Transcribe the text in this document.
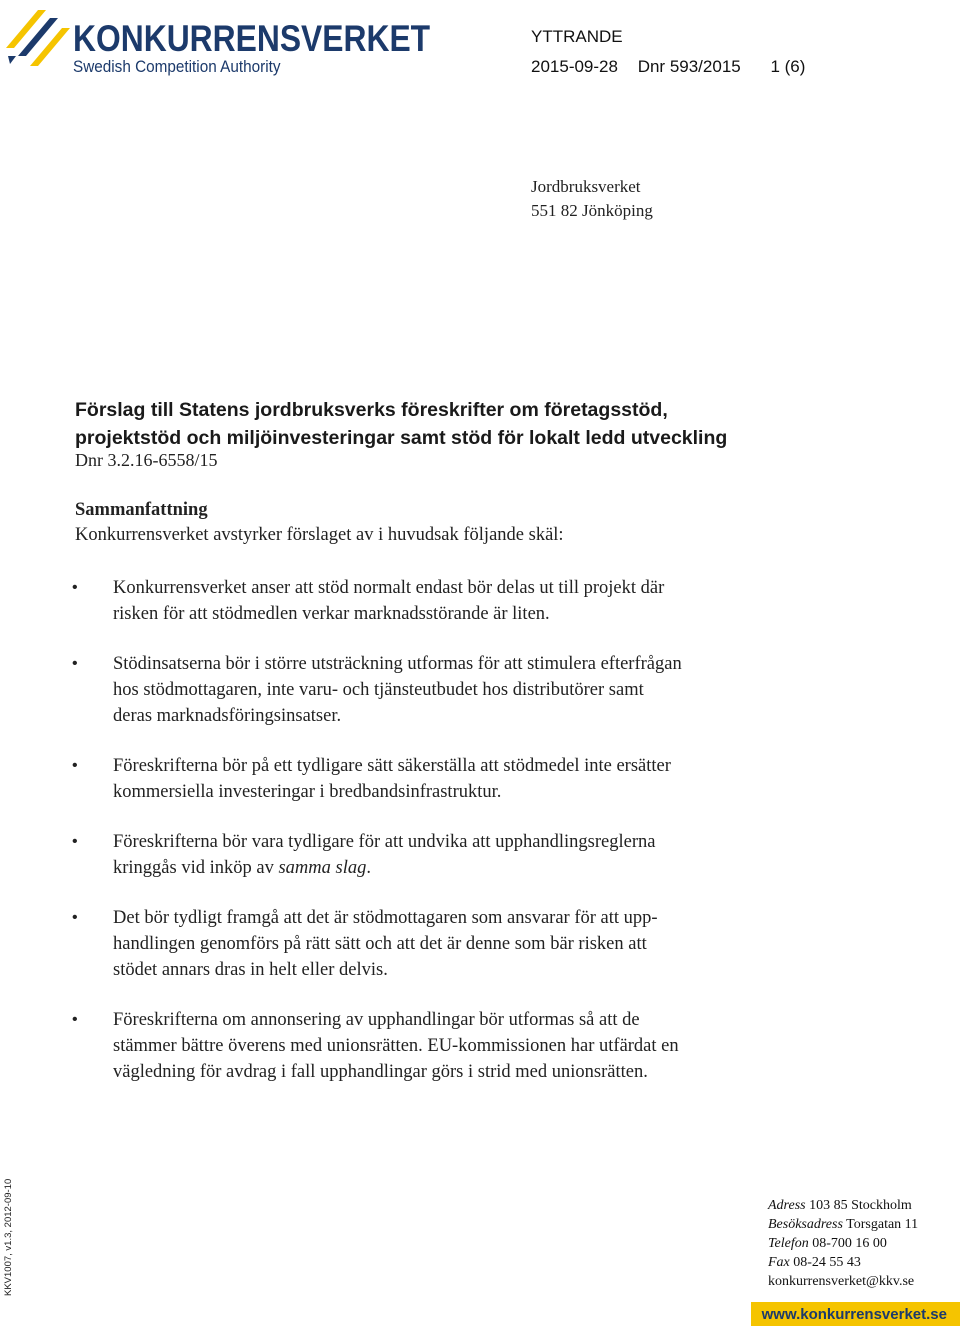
KONKURRENSVERKET
Swedish Competition Authority
YTTRANDE
2015-09-28 Dnr 593/2015 1 (6)
Jordbruksverket
551 82 Jönköping
Förslag till Statens jordbruksverks föreskrifter om företagsstöd,
projektstöd och miljöinvesteringar samt stöd för lokalt ledd utveckling
Dnr 3.2.16-6558/15
Sammanfattning
Konkurrensverket avstyrker förslaget av i huvudsak följande skäl:
• Konkurrensverket anser att stöd normalt endast bör delas ut till projekt där
risken för att stödmedlen verkar marknadsstörande är liten.
• Stödinsatserna bör i större utsträckning utformas för att stimulera efterfrågan
hos stödmottagaren, inte varu- och tjänsteutbudet hos distributörer samt
deras marknadsföringsinsatser.
• Föreskrifterna bör på ett tydligare sätt säkerställa att stödmedel inte ersätter
kommersiella investeringar i bredbandsinfrastruktur.
• Föreskrifterna bör vara tydligare för att undvika att upphandlingsreglerna
kringgås vid inköp av samma slag.
• Det bör tydligt framgå att det är stödmottagaren som ansvarar för att upp-
handlingen genomförs på rätt sätt och att det är denne som bär risken att
stödet annars dras in helt eller delvis.
• Föreskrifterna om annonsering av upphandlingar bör utformas så att de
stämmer bättre överens med unionsrätten. EU-kommissionen har utfärdat en
vägledning för avdrag i fall upphandlingar görs i strid med unionsrätten.
KKV1007, v1.3, 2012-09-10	Adress 103 85 Stockholm
Besöksadress Torsgatan 11
Telefon 08-700 16 00
Fax 08-24 55 43
konkurrensverket@kkv.se
www.konkurrensverket.se
